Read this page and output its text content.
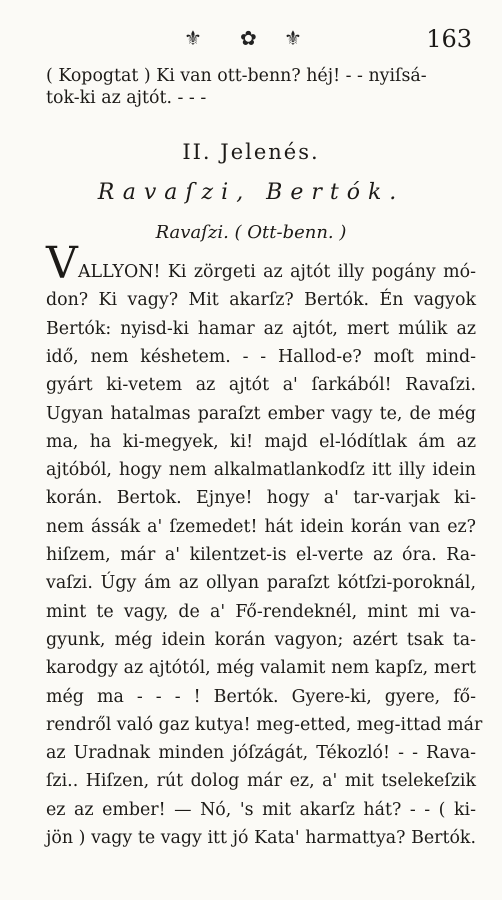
⚜ ✿ ⚜	163
( Kopogtat ) Ki van ott-benn? héj! - - nyiſsá-
tok-ki az ajtót. - - -
II. Jelenés.
Ravaſzi, Bertók.
Ravaſzi. ( Ott-benn. )
V ALLYON! Ki zörgeti az ajtót illy pogány mó-
don? Ki vagy? Mit akarſz? Bertók. Én vagyok
Bertók: nyisd-ki hamar az ajtót, mert múlik az
idő, nem késhetem. - - Hallod-e? moſt mind-
gyárt ki-vetem az ajtót a' ſarkából! Ravaſzi.
Ugyan hatalmas paraſzt ember vagy te, de még
ma, ha ki-megyek, ki! majd el-lódítlak ám az
ajtóból, hogy nem alkalmatlankodſz itt illy idein
korán. Bertok. Ejnye! hogy a' tar-varjak ki-
nem ássák a' ſzemedet! hát idein korán van ez?
hiſzem, már a' kilentzet-is el-verte az óra. Ra-
vaſzi. Úgy ám az ollyan paraſzt kótſzi-poroknál,
mint te vagy, de a' Fő-rendeknél, mint mi va-
gyunk, még idein korán vagyon; azért tsak ta-
karodgy az ajtótól, még valamit nem kapſz, mert
még ma - - - ! Bertók. Gyere-ki, gyere, fő-
rendről való gaz kutya! meg-etted, meg-ittad már
az Uradnak minden jóſzágát, Tékozló! - - Rava-
ſzi.. Hiſzen, rút dolog már ez, a' mit tselekeſzik
ez az ember! — Nó, 's mit akarſz hát? - - ( ki-
jön ) vagy te vagy itt jó Kata' harmattya? Bertók.
